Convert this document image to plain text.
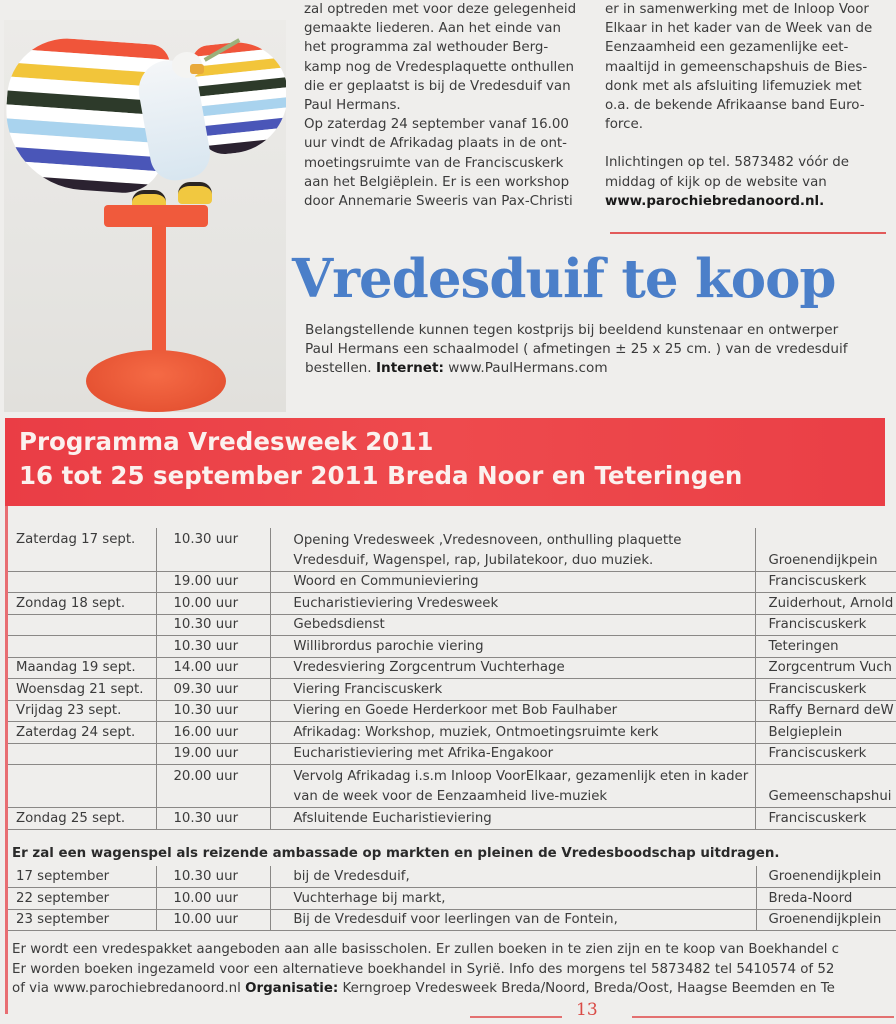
zal optreden met voor deze gelegenheid
gemaakte liederen. Aan het einde van
het programma zal wethouder Berg-
kamp nog de Vredesplaquette onthullen
die er geplaatst is bij de Vredesduif van
Paul Hermans.
Op zaterdag 24 september vanaf 16.00
uur vindt de Afrikadag plaats in de ont-
moetingsruimte van de Franciscuskerk
aan het Belgiëplein. Er is een workshop
door Annemarie Sweeris van Pax-Christi
er in samenwerking met de Inloop Voor
Elkaar in het kader van de Week van de
Eenzaamheid een gezamenlijke eet-
maaltijd in gemeenschapshuis de Bies-
donk met als afsluiting lifemuziek met
o.a. de bekende Afrikaanse band Euro-
force.
Inlichtingen op tel. 5873482 vóór de
middag of kijk op de website van
www.parochiebredanoord.nl.
Vredesduif te koop
Belangstellende kunnen tegen kostprijs bij beeldend kunstenaar en ontwerper
Paul Hermans een schaalmodel ( afmetingen ± 25 x 25 cm. ) van de vredesduif
bestellen. Internet: www.PaulHermans.com
Programma Vredesweek 2011
16 tot 25 september 2011 Breda Noor en Teteringen
Zaterdag 17 sept.	10.30 uur	Opening Vredesweek ,Vredesnoveen, onthulling plaquette Vredesduif, Wagenspel, rap, Jubilatekoor, duo muziek.	Groenendijkpein
	19.00 uur	Woord en Communieviering	Franciscuskerk
Zondag 18 sept.	10.00 uur	Eucharistieviering Vredesweek	Zuiderhout, Arnold
	10.30 uur	Gebedsdienst	Franciscuskerk
	10.30 uur	Willibrordus parochie viering	Teteringen
Maandag 19 sept.	14.00 uur	Vredesviering Zorgcentrum Vuchterhage	Zorgcentrum Vuch
Woensdag 21 sept.	09.30 uur	Viering Franciscuskerk	Franciscuskerk
Vrijdag 23 sept.	10.30 uur	Viering en Goede Herderkoor met Bob Faulhaber	Raffy Bernard deW
Zaterdag 24 sept.	16.00 uur	Afrikadag: Workshop, muziek, Ontmoetingsruimte kerk	Belgieplein
	19.00 uur	Eucharistieviering met Afrika-Engakoor	Franciscuskerk
	20.00 uur	Vervolg Afrikadag i.s.m Inloop VoorElkaar, gezamenlijk eten in kader van de week voor de Eenzaamheid live-muziek	Gemeenschapshui
Zondag 25 sept.	10.30 uur	Afsluitende Eucharistieviering	Franciscuskerk
Er zal een wagenspel als reizende ambassade op markten en pleinen de Vredesboodschap uitdragen.
17 september	10.30 uur	bij de Vredesduif,	Groenendijkplein
22 september	10.00 uur	Vuchterhage bij markt,	Breda-Noord
23 september	10.00 uur	Bij de Vredesduif voor leerlingen van de Fontein,	Groenendijkplein
Er wordt een vredespakket aangeboden aan alle basisscholen. Er zullen boeken in te zien zijn en te koop van Boekhandel c
Er worden boeken ingezameld voor een alternatieve boekhandel in Syrië. Info des morgens tel 5873482 tel 5410574 of 52
of via www.parochiebredanoord.nl Organisatie: Kerngroep Vredesweek Breda/Noord, Breda/Oost, Haagse Beemden en Te
13
